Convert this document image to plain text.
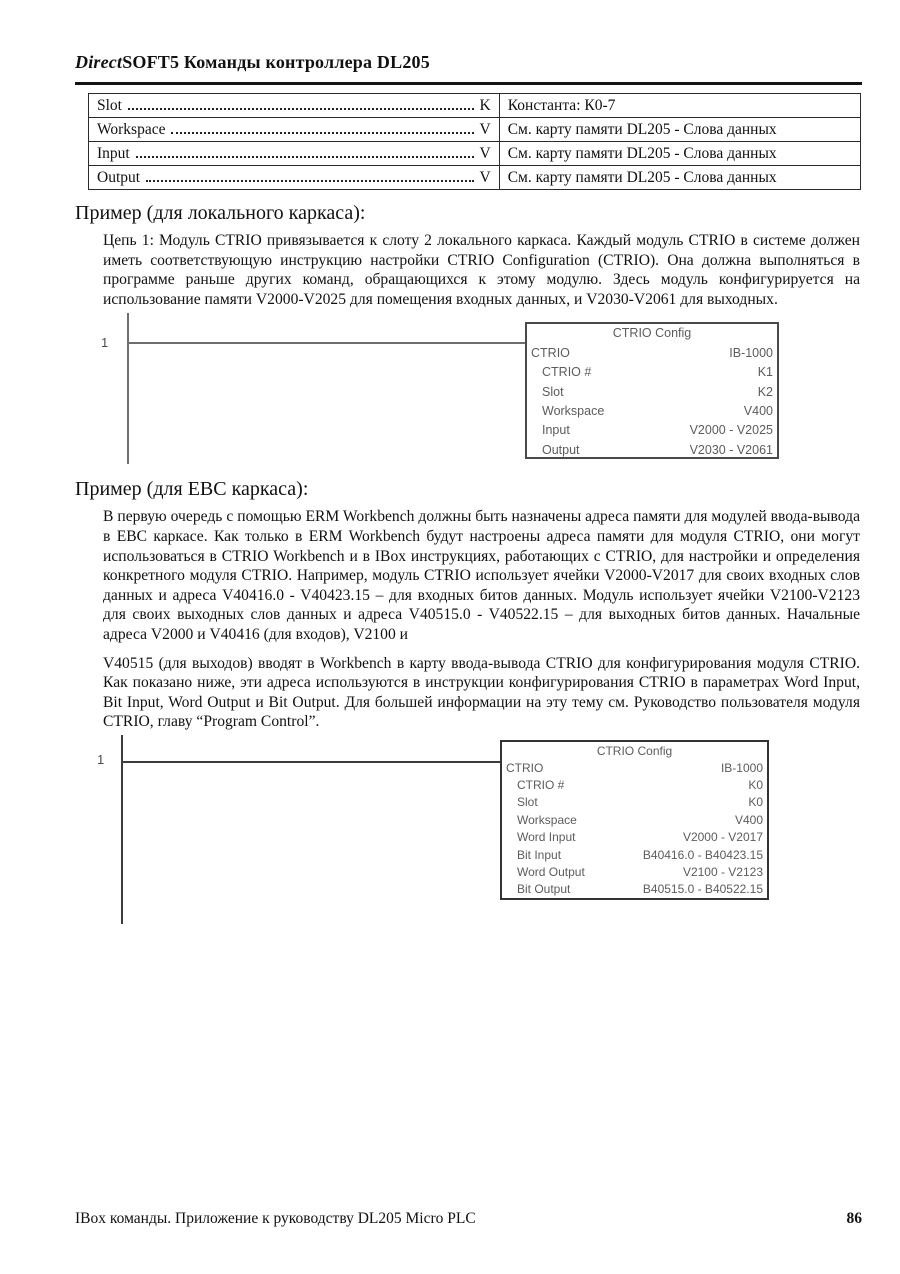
DirectSOFT5 Команды контроллера DL205
Slot K	Константа: К0-7

Workspace V	См. карту памяти DL205 - Слова данных

Input V	См. карту памяти DL205 - Слова данных

Output V	См. карту памяти DL205 - Слова данных
Пример (для локального каркаса):

Цепь 1: Модуль CTRIO привязывается к слоту 2 локального каркаса. Каждый модуль CTRIO в системе должен иметь соответствующую инструкцию настройки CTRIO Configuration (CTRIO). Она должна выполняться в программе раньше других команд, обращающихся к этому модулю. Здесь модуль конфигурируется на использование памяти V2000-V2025 для помещения входных данных, и V2030-V2061 для выходных.

1
CTRIO Config
CTRIO	IB-1000
CTRIO #	K1
Slot	K2
Workspace	V400
Input	V2000 - V2025
Output	V2030 - V2061
Пример (для EBC каркаса):

В первую очередь с помощью ERM Workbench должны быть назначены адреса памяти для модулей ввода-вывода в EBC каркасе. Как только в ERM Workbench будут настроены адреса памяти для модуля CTRIO, они могут использоваться в CTRIO Workbench и в IBox инструкциях, работающих с CTRIO, для настройки и определения конкретного модуля CTRIO. Например, модуль CTRIO использует ячейки V2000-V2017 для своих входных слов данных и адреса V40416.0 - V40423.15 – для входных битов данных. Модуль использует ячейки V2100-V2123 для своих выходных слов данных и адреса V40515.0 - V40522.15 – для выходных битов данных. Начальные адреса V2000 и V40416 (для входов), V2100 и

V40515 (для выходов) вводят в Workbench в карту ввода-вывода CTRIO для конфигурирования модуля CTRIO. Как показано ниже, эти адреса используются в инструкции конфигурирования CTRIO в параметрах Word Input, Bit Input, Word Output и Bit Output. Для большей информации на эту тему см. Руководство пользователя модуля CTRIO, главу “Program Control”.

1
CTRIO Config
CTRIO	IB-1000
CTRIO #	K0
Slot	K0
Workspace	V400
Word Input	V2000 - V2017
Bit Input	B40416.0 - B40423.15
Word Output	V2100 - V2123
Bit Output	B40515.0 - B40522.15
IBox команды. Приложение к руководству DL205 Micro PLC	86
